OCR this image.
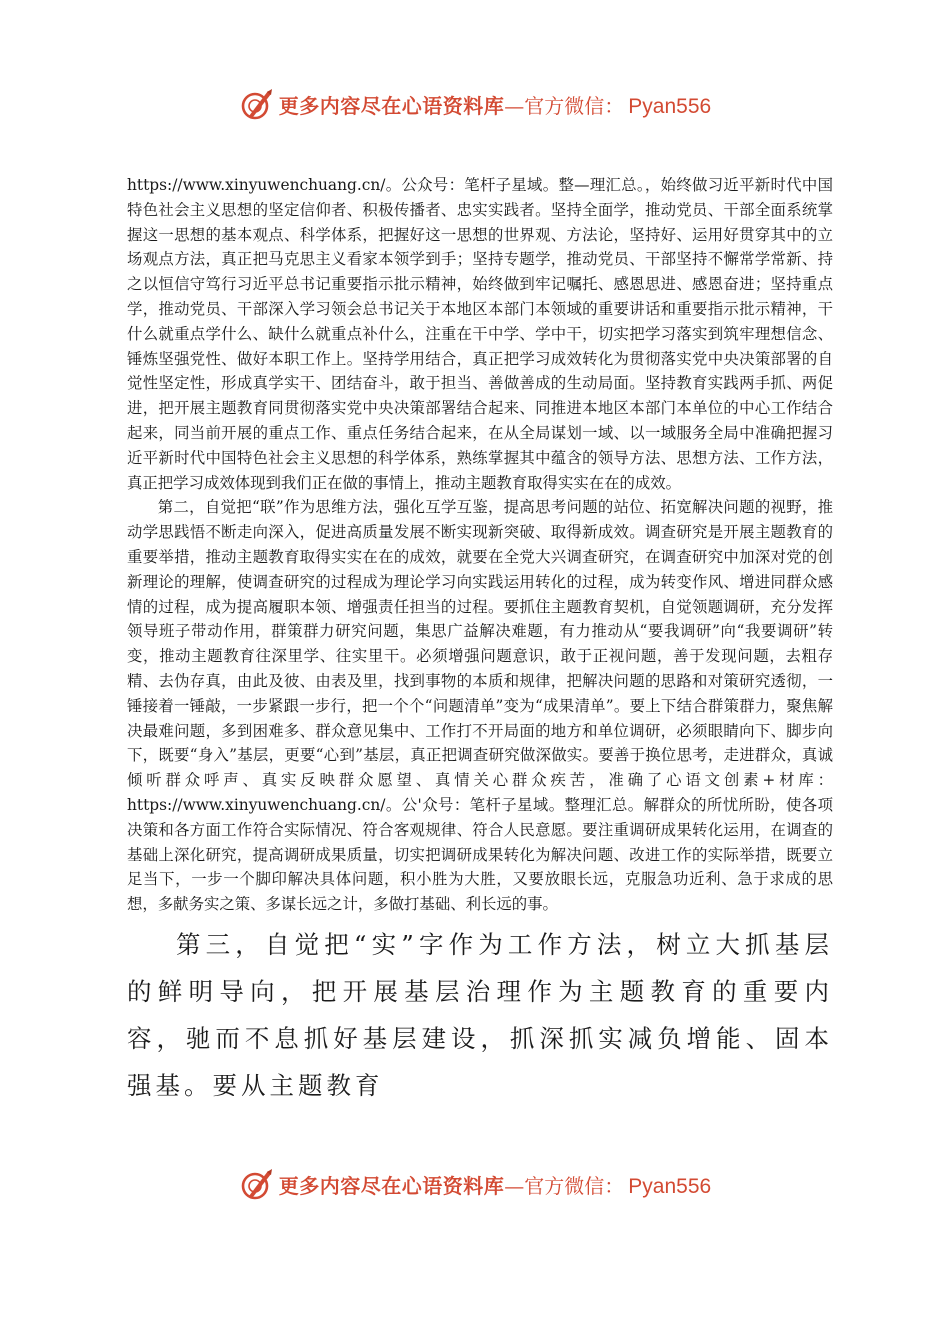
更多内容尽在心语资料库 —官方微信： Pyan556

https://www.xinyuwenchuang.cn/。公众号：笔杆子星域。整—理汇总。，始终做习近平新时代中国特色社会主义思想的坚定信仰者、积极传播者、忠实实践者。坚持全面学，推动党员、干部全面系统掌握这一思想的基本观点、科学体系，把握好这一思想的世界观、方法论，坚持好、运用好贯穿其中的立场观点方法，真正把马克思主义看家本领学到手；坚持专题学，推动党员、干部坚持不懈常学常新、持之以恒信守笃行习近平总书记重要指示批示精神，始终做到牢记嘱托、感恩思进、感恩奋进；坚持重点学，推动党员、干部深入学习领会总书记关于本地区本部门本领域的重要讲话和重要指示批示精神，干什么就重点学什么、缺什么就重点补什么，注重在干中学、学中干，切实把学习落实到筑牢理想信念、锤炼坚强党性、做好本职工作上。坚持学用结合，真正把学习成效转化为贯彻落实党中央决策部署的自觉性坚定性，形成真学实干、团结奋斗，敢于担当、善做善成的生动局面。坚持教育实践两手抓、两促进，把开展主题教育同贯彻落实党中央决策部署结合起来、同推进本地区本部门本单位的中心工作结合起来，同当前开展的重点工作、重点任务结合起来，在从全局谋划一域、以一域服务全局中准确把握习近平新时代中国特色社会主义思想的科学体系，熟练掌握其中蕴含的领导方法、思想方法、工作方法，真正把学习成效体现到我们正在做的事情上，推动主题教育取得实实在在的成效。

第二，自觉把“联”作为思维方法，强化互学互鉴，提高思考问题的站位、拓宽解决问题的视野，推动学思践悟不断走向深入，促进高质量发展不断实现新突破、取得新成效。调查研究是开展主题教育的重要举措，推动主题教育取得实实在在的成效，就要在全党大兴调查研究，在调查研究中加深对党的创新理论的理解，使调查研究的过程成为理论学习向实践运用转化的过程，成为转变作风、增进同群众感情的过程，成为提高履职本领、增强责任担当的过程。要抓住主题教育契机，自觉领题调研，充分发挥领导班子带动作用，群策群力研究问题，集思广益解决难题，有力推动从“要我调研”向“我要调研”转变，推动主题教育往深里学、往实里干。必须增强问题意识，敢于正视问题，善于发现问题，去粗存精、去伪存真，由此及彼、由表及里，找到事物的本质和规律，把解决问题的思路和对策研究透彻，一锤接着一锤敲，一步紧跟一步行，把一个个“问题清单”变为“成果清单”。要上下结合群策群力，聚焦解决最难问题，多到困难多、群众意见集中、工作打不开局面的地方和单位调研，必须眼睛向下、脚步向下，既要“身入”基层，更要“心到”基层，真正把调查研究做深做实。要善于换位思考，走进群众，真诚倾听群众呼声、真实反映群众愿望、真情关心群众疾苦，准确了心语文创素+材库：https://www.xinyuwenchuang.cn/。公'众号：笔杆子星域。整理汇总。解群众的所忧所盼，使各项决策和各方面工作符合实际情况、符合客观规律、符合人民意愿。要注重调研成果转化运用，在调查的基础上深化研究，提高调研成果质量，切实把调研成果转化为解决问题、改进工作的实际举措，既要立足当下，一步一个脚印解决具体问题，积小胜为大胜，又要放眼长远，克服急功近利、急于求成的思想，多献务实之策、多谋长远之计，多做打基础、利长远的事。

第三，自觉把“实”字作为工作方法，树立大抓基层的鲜明导向，把开展基层治理作为主题教育的重要内容，驰而不息抓好基层建设，抓深抓实减负增能、固本强基。要从主题教育

更多内容尽在心语资料库 —官方微信： Pyan556
